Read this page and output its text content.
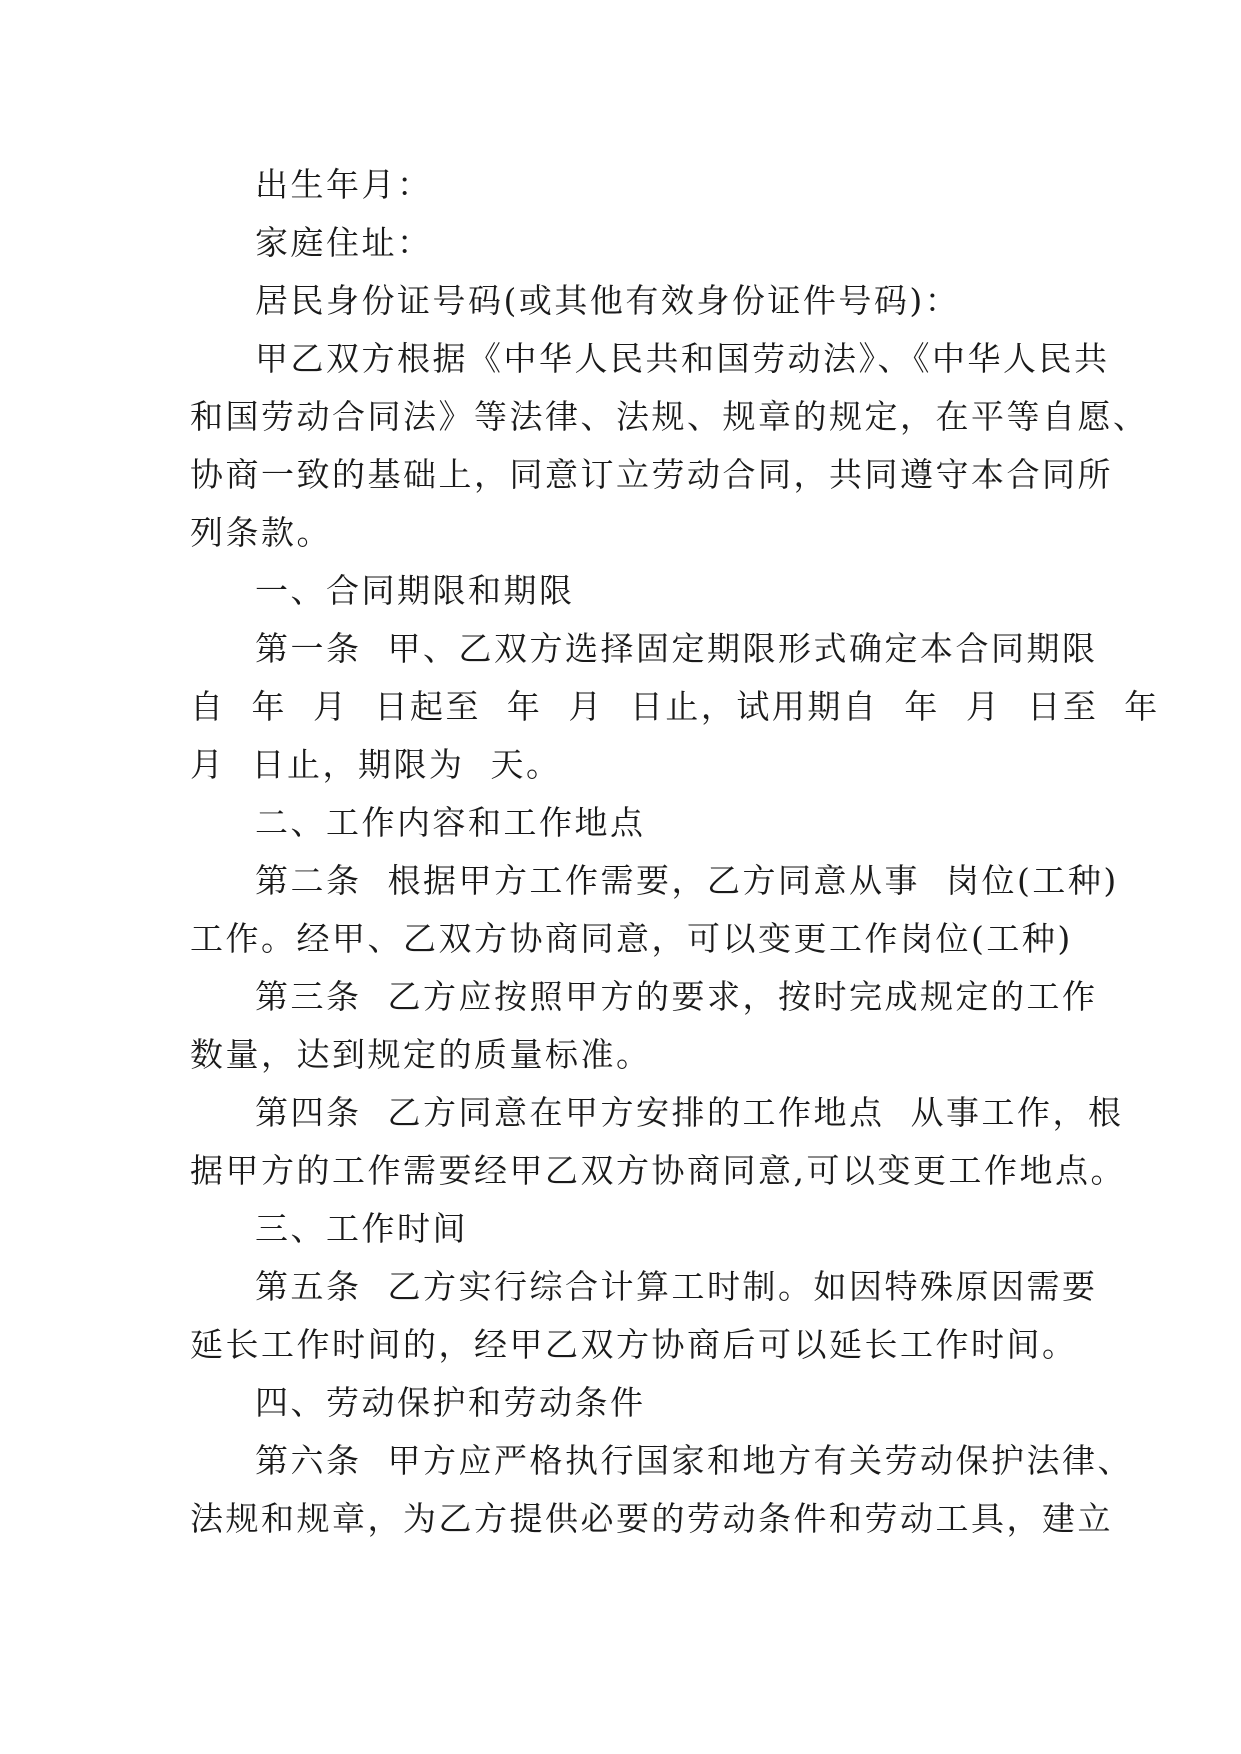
出生年月：
家庭住址：
居民身份证号码(或其他有效身份证件号码)：
甲乙双方根据《中华人民共和国劳动法》、《中华人民共
和国劳动合同法》等法律、法规、规章的规定，在平等自愿、
协商一致的基础上，同意订立劳动合同，共同遵守本合同所
列条款。
一、合同期限和期限
第一条  甲、乙双方选择固定期限形式确定本合同期限
自  年  月  日起至  年  月  日止，试用期自  年  月  日至  年
月  日止，期限为  天。
二、工作内容和工作地点
第二条  根据甲方工作需要，乙方同意从事  岗位(工种)
工作。经甲、乙双方协商同意，可以变更工作岗位(工种)
第三条  乙方应按照甲方的要求，按时完成规定的工作
数量，达到规定的质量标准。
第四条  乙方同意在甲方安排的工作地点  从事工作，根
据甲方的工作需要经甲乙双方协商同意,可以变更工作地点。
三、工作时间
第五条  乙方实行综合计算工时制。如因特殊原因需要
延长工作时间的，经甲乙双方协商后可以延长工作时间。
四、劳动保护和劳动条件
第六条  甲方应严格执行国家和地方有关劳动保护法律、
法规和规章，为乙方提供必要的劳动条件和劳动工具，建立
